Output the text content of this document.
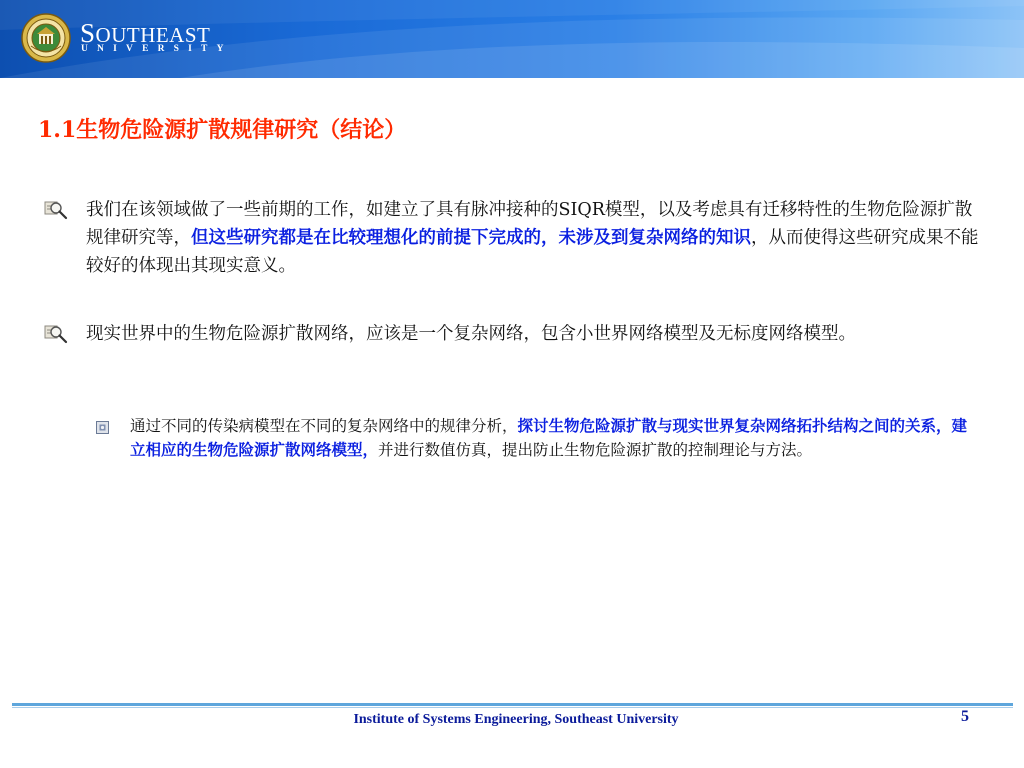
SOUTHEAST
UNIVERSITY
1.1生物危险源扩散规律研究（结论）
我们在该领域做了一些前期的工作，如建立了具有脉冲接种的SIQR模型，以及考虑具有迁移特性的生物危险源扩散规律研究等，但这些研究都是在比较理想化的前提下完成的，未涉及到复杂网络的知识，从而使得这些研究成果不能较好的体现出其现实意义。
现实世界中的生物危险源扩散网络，应该是一个复杂网络，包含小世界网络模型及无标度网络模型。
通过不同的传染病模型在不同的复杂网络中的规律分析，探讨生物危险源扩散与现实世界复杂网络拓扑结构之间的关系，建立相应的生物危险源扩散网络模型，并进行数值仿真，提出防止生物危险源扩散的控制理论与方法。
Institute of Systems Engineering, Southeast University	5
